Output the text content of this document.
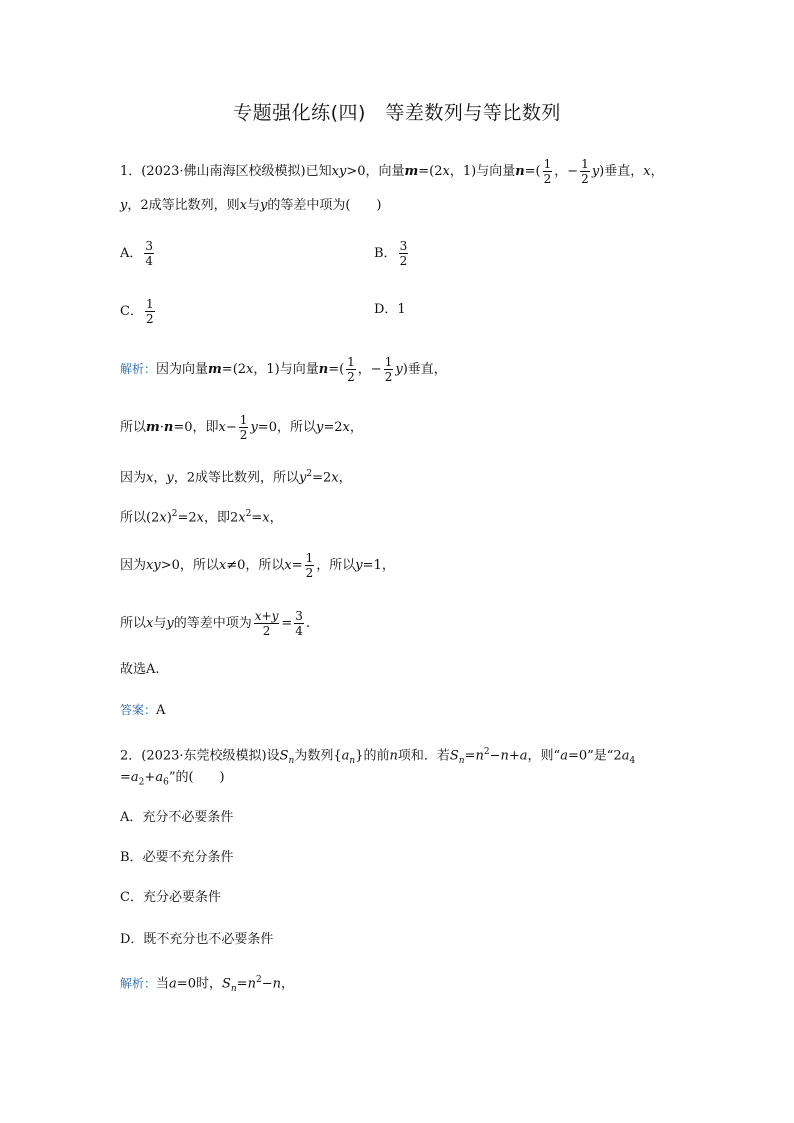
专题强化练(四)　等差数列与等比数列
1．(2023·佛山南海区校级模拟)已知xy>0，向量m=(2x，1)与向量$n=( \frac{1}{2}$ ，− $\frac{1}{2} y$)垂直，x，
y，2成等比数列，则x与y的等差中项为(　　)
A． $\frac{3}{4}$	B． $\frac{3}{2}$
C． $\frac{1}{2}$	D．1
解析：因为向量m=(2x，1)与向量$n=( \frac{1}{2}$ ，− $\frac{1}{2} y$)垂直，
所以m·n=0，即$x- \frac{1}{2} y=0$，所以y=2x，
因为x，y，2成等比数列，所以$y^2=2x$，
所以$(2x)^2=2x$，即$2x^2=x$，
因为xy>0，所以x≠0，所以$x= \frac{1}{2}$ ，所以y=1，
所以x与y的等差中项为 $\frac{x+y}{2} = \frac{3}{4}$ .
故选A.
答案：A
2．(2023·东莞校级模拟)设$S_n$为数列$\{a_n\}$的前n项和．若$S_n=n^2-n+a$，则“a=0”是“$2a_4$
$=a_2+a_6$”的(　　)
A．充分不必要条件
B．必要不充分条件
C．充分必要条件
D．既不充分也不必要条件
解析：当a=0时，$S_n=n^2-n$，
